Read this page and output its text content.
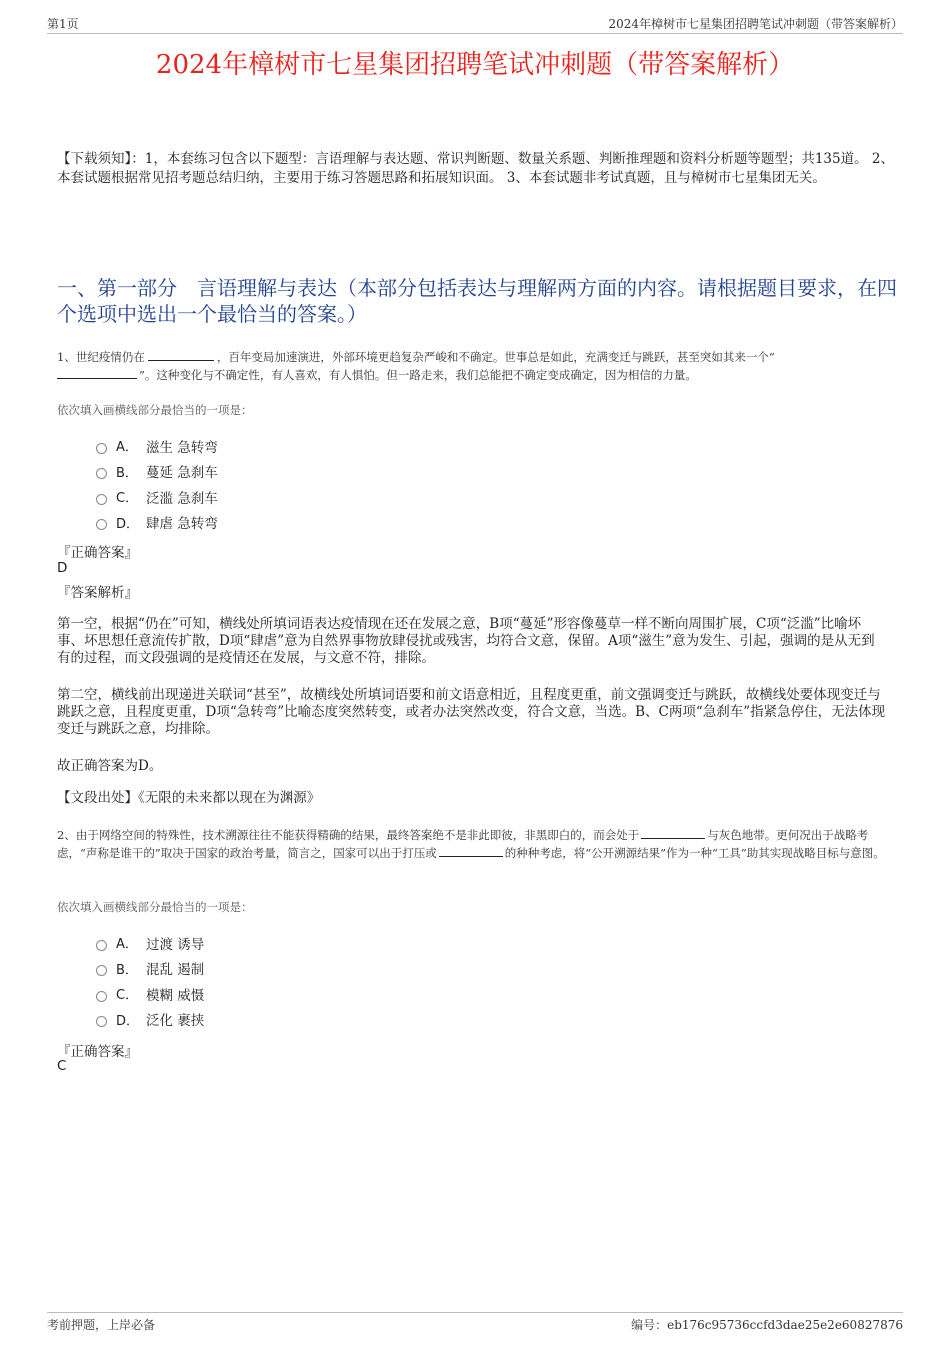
第1页	2024年樟树市七星集团招聘笔试冲刺题（带答案解析）
2024年樟树市七星集团招聘笔试冲刺题（带答案解析）
【下载须知】：1，本套练习包含以下题型：言语理解与表达题、常识判断题、数量关系题、判断推理题和资料分析题等题型；共135道。 2、本套试题根据常见招考题总结归纳，主要用于练习答题思路和拓展知识面。 3、本套试题非考试真题，且与樟树市七星集团无关。
一、第一部分　言语理解与表达（本部分包括表达与理解两方面的内容。请根据题目要求，在四个选项中选出一个最恰当的答案。）
1、世纪疫情仍在	，百年变局加速演进，外部环境更趋复杂严峻和不确定。世事总是如此，充满变迁与跳跃，甚至突如其来一个“
”。这种变化与不确定性，有人喜欢，有人惧怕。但一路走来，我们总能把不确定变成确定，因为相信的力量。
依次填入画横线部分最恰当的一项是：
A． 滋生 急转弯
B． 蔓延 急刹车
C． 泛滥 急刹车
D． 肆虐 急转弯
『正确答案』
D
『答案解析』
第一空，根据“仍在”可知，横线处所填词语表达疫情现在还在发展之意，B项“蔓延”形容像蔓草一样不断向周围扩展，C项“泛滥”比喻坏事、坏思想任意流传扩散，D项“肆虐”意为自然界事物放肆侵扰或残害，均符合文意，保留。A项“滋生”意为发生、引起，强调的是从无到有的过程，而文段强调的是疫情还在发展，与文意不符，排除。
第二空，横线前出现递进关联词“甚至”，故横线处所填词语要和前文语意相近，且程度更重，前文强调变迁与跳跃，故横线处要体现变迁与跳跃之意，且程度更重，D项“急转弯”比喻态度突然转变，或者办法突然改变，符合文意，当选。B、C两项“急刹车”指紧急停住，无法体现变迁与跳跃之意，均排除。
故正确答案为D。
【文段出处】《无限的未来都以现在为渊源》
2、由于网络空间的特殊性，技术溯源往往不能获得精确的结果，最终答案绝不是非此即彼，非黑即白的，而会处于	与灰色地带。更何况出于战略考虑，“声称是谁干的”取决于国家的政治考量，简言之，国家可以出于打压或	的种种考虑，将“公开溯源结果”作为一种“工具”助其实现战略目标与意图。
依次填入画横线部分最恰当的一项是：
A． 过渡 诱导
B． 混乱 遏制
C． 模糊 威慑
D． 泛化 裹挟
『正确答案』
C
考前押题，上岸必备	编号：eb176c95736ccfd3dae25e2e60827876
